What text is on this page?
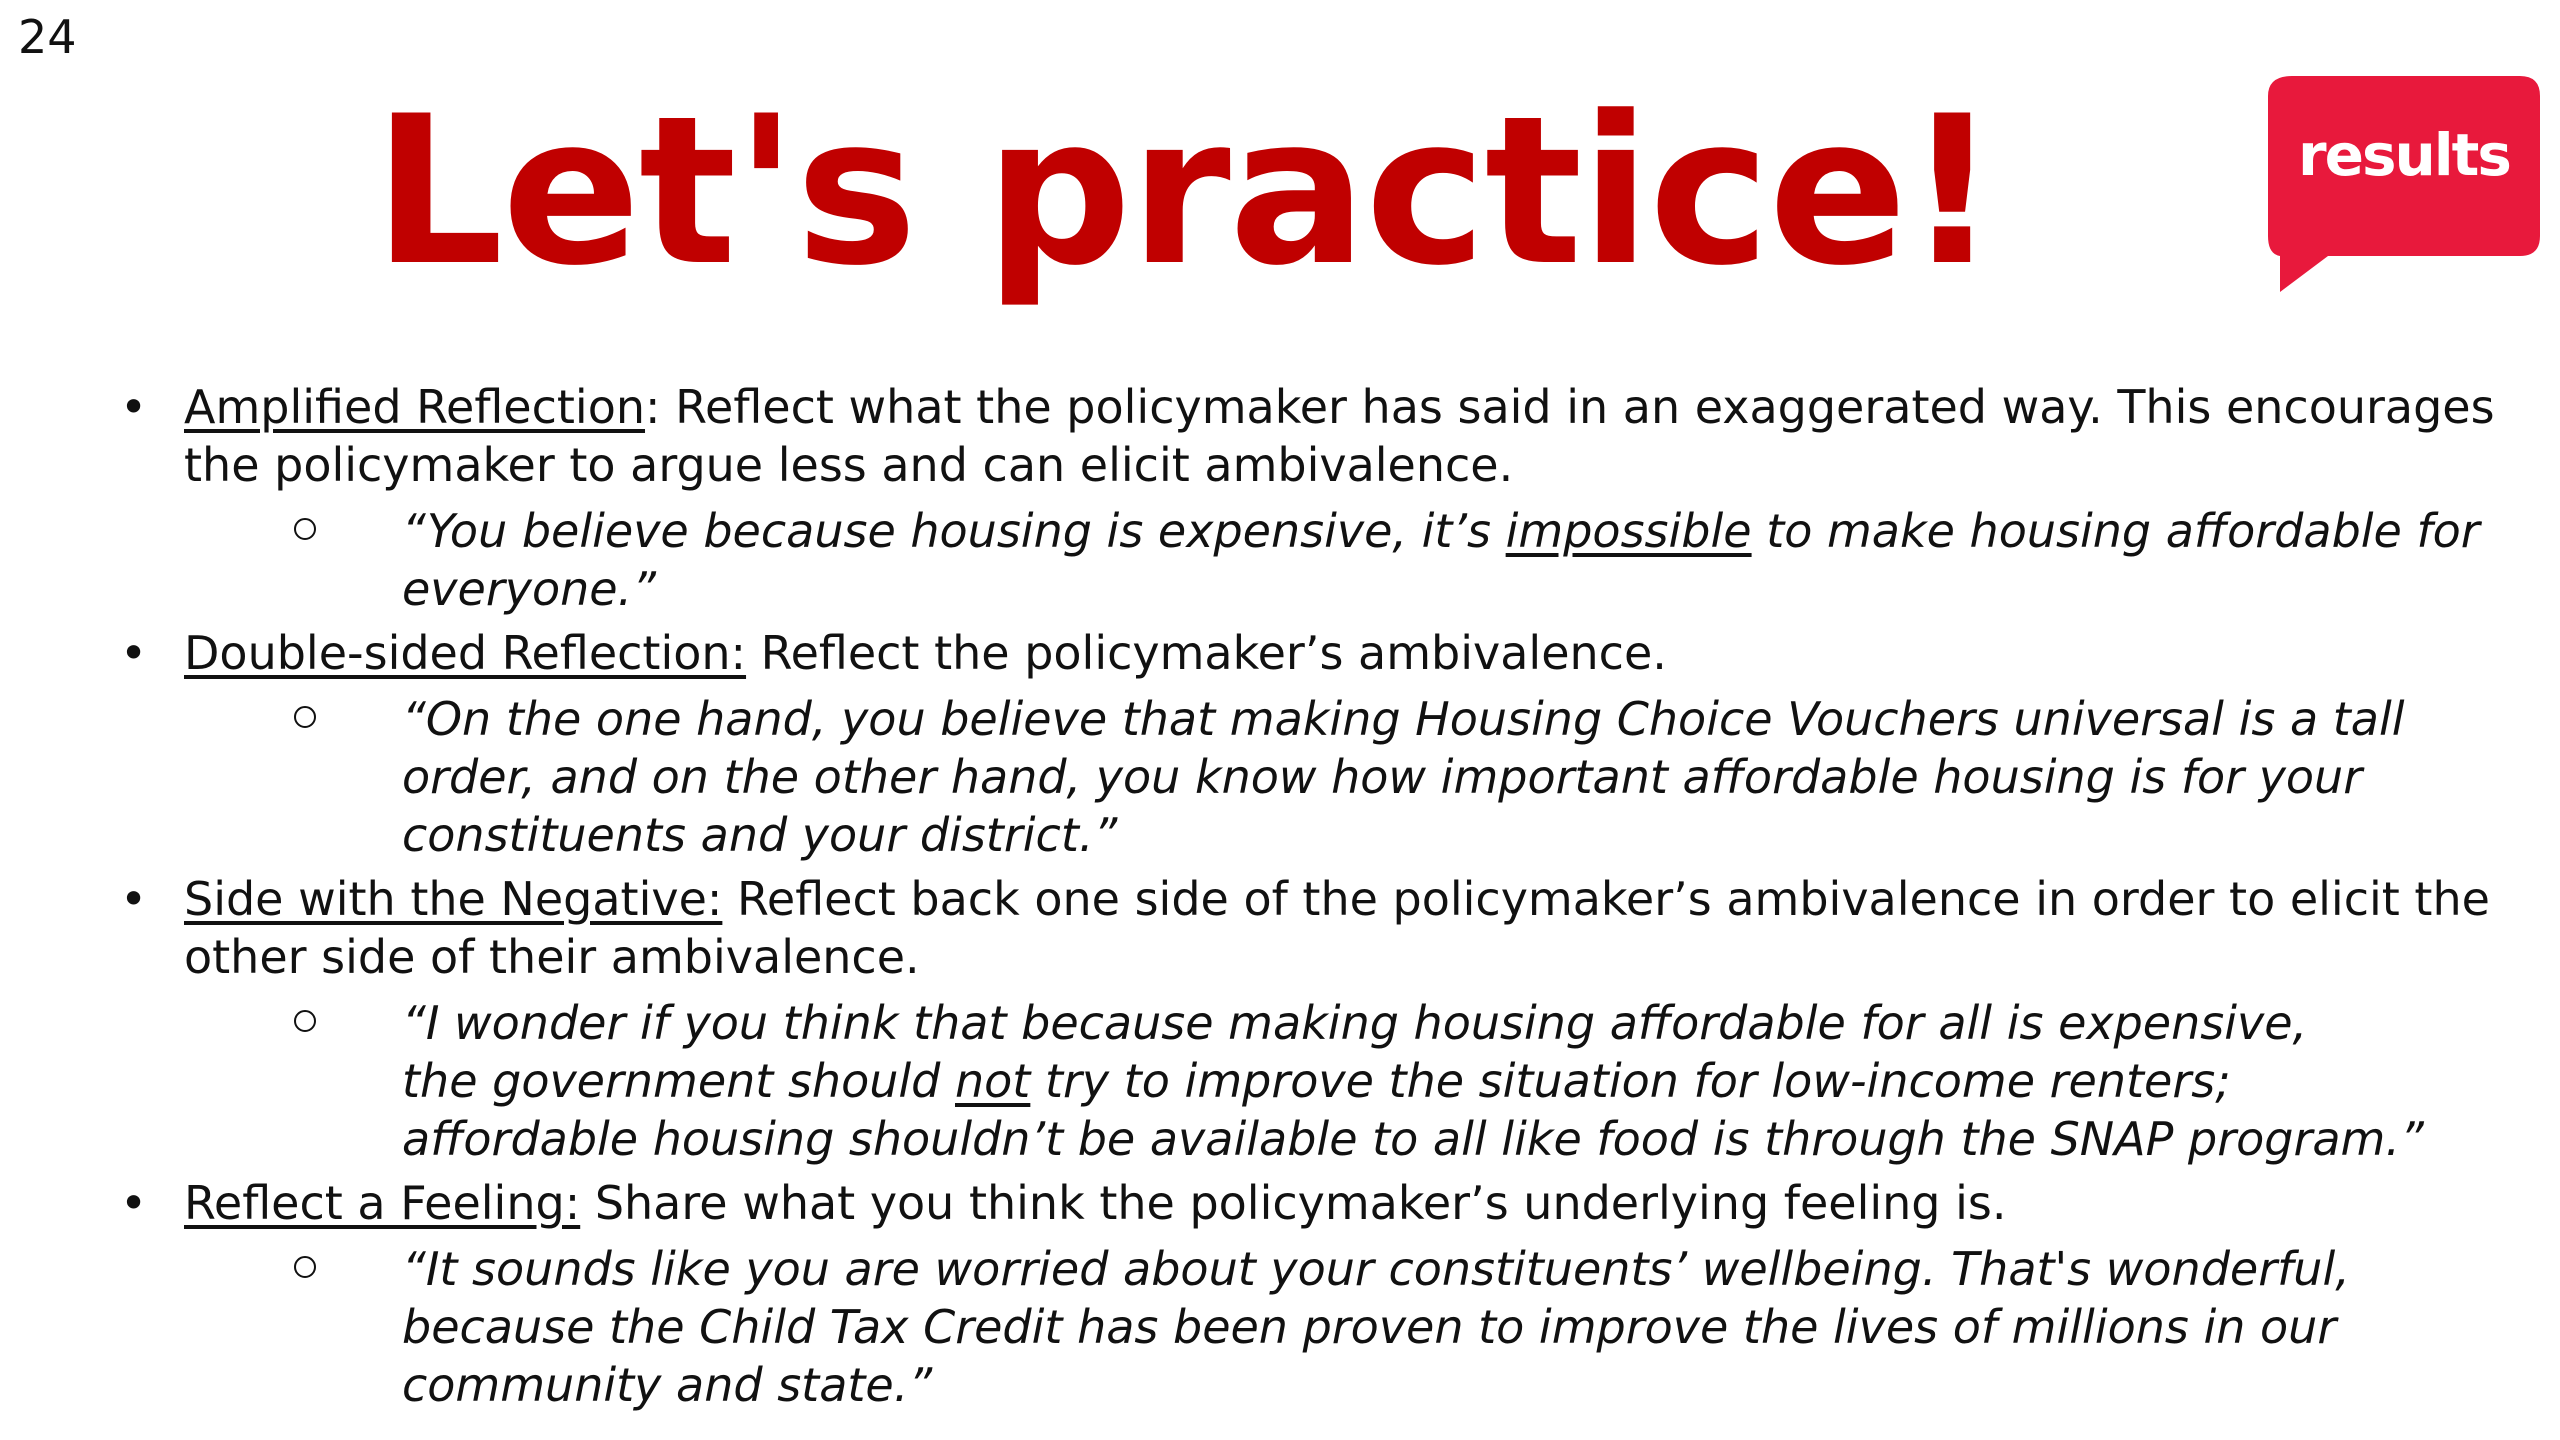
24
Let's practice!	results
• Amplified Reflection: Reflect what the policymaker has said in an exaggerated way. This encourages the policymaker to argue less and can elicit ambivalence.
“You believe because housing is expensive, it’s impossible to make housing affordable for everyone.”
• Double-sided Reflection: Reflect the policymaker’s ambivalence.
“On the one hand, you believe that making Housing Choice Vouchers universal is a tall order, and on the other hand, you know how important affordable housing is for your constituents and your district.”
• Side with the Negative: Reflect back one side of the policymaker’s ambivalence in order to elicit the other side of their ambivalence.
“I wonder if you think that because making housing affordable for all is expensive,
the government should not try to improve the situation for low-income renters;
affordable housing shouldn’t be available to all like food is through the SNAP program.”
• Reflect a Feeling: Share what you think the policymaker’s underlying feeling is.
“It sounds like you are worried about your constituents’ wellbeing. That's wonderful, because the Child Tax Credit has been proven to improve the lives of millions in our community and state.”
